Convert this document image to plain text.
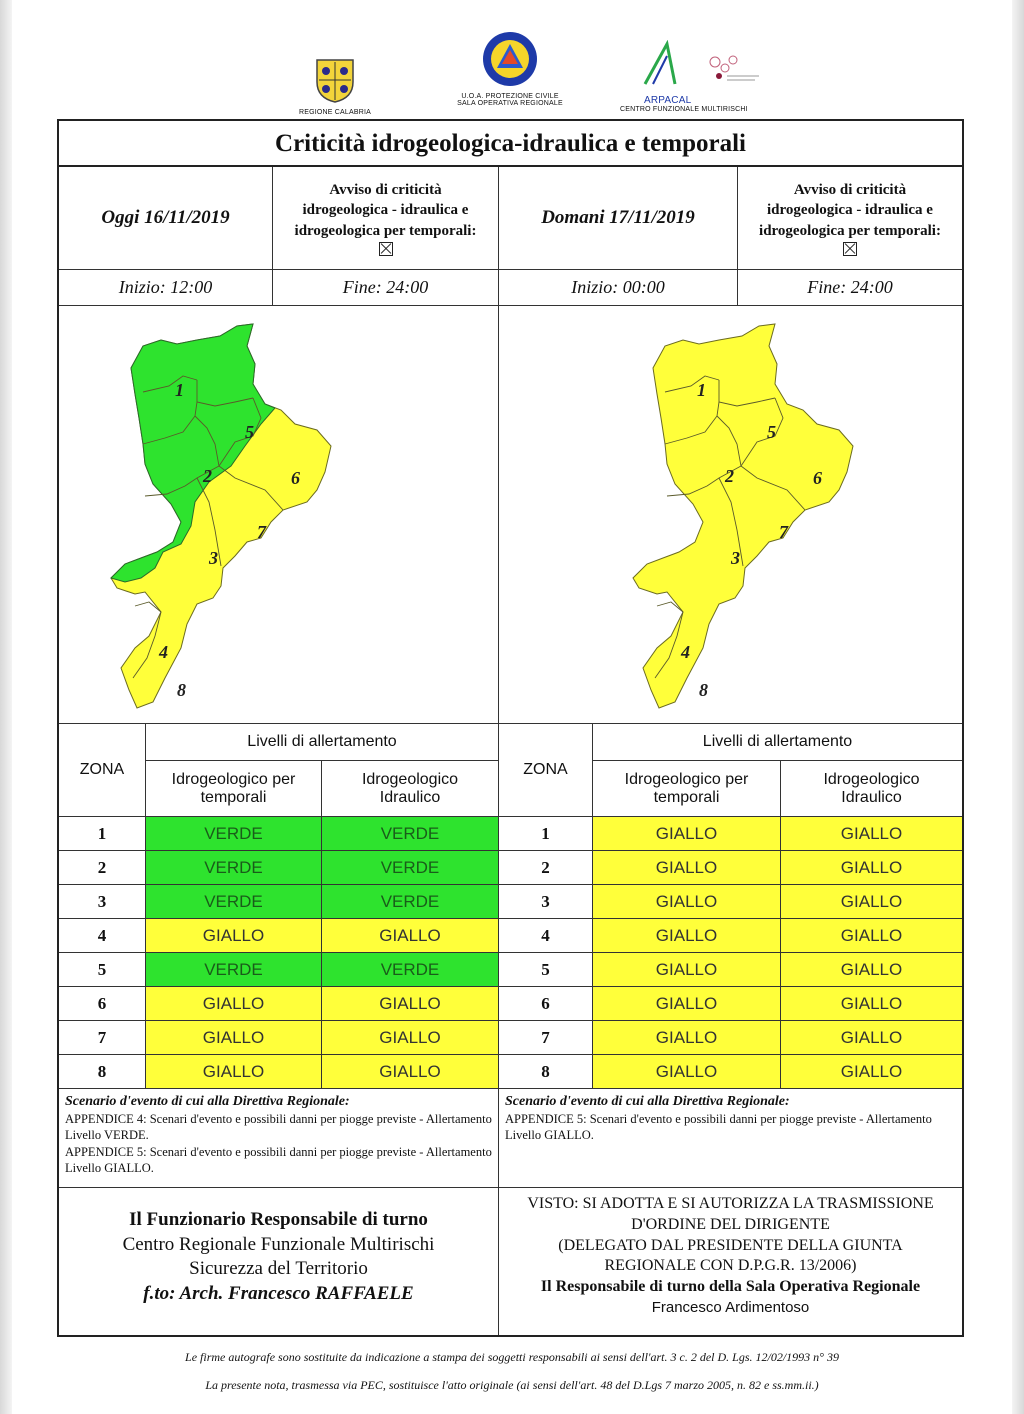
REGIONE CALABRIA
U.O.A. PROTEZIONE CIVILE
SALA OPERATIVA REGIONALE	ARPACAL
CENTRO FUNZIONALE MULTIRISCHI
Criticità idrogeologica-idraulica e temporali
Oggi 16/11/2019
Avviso di criticità
idrogeologica - idraulica e
idrogeologica per temporali:
Domani 17/11/2019
Avviso di criticità
idrogeologica - idraulica e
idrogeologica per temporali:
Inizio: 12:00	Fine: 24:00	Inizio: 00:00	Fine: 24:00
1
5
2	6
7
3
4
8
1
5
2	6
7
3
4
8
ZONA
Livelli di allertamento
Idrogeologico per
temporali
Idrogeologico
Idraulico
ZONA
Livelli di allertamento
Idrogeologico per
temporali
Idrogeologico
Idraulico
1	VERDE	VERDE	1	GIALLO	GIALLO
2	VERDE	VERDE	2	GIALLO	GIALLO
3	VERDE	VERDE	3	GIALLO	GIALLO
4	GIALLO	GIALLO	4	GIALLO	GIALLO
5	VERDE	VERDE	5	GIALLO	GIALLO
6	GIALLO	GIALLO	6	GIALLO	GIALLO
7	GIALLO	GIALLO	7	GIALLO	GIALLO
8	GIALLO	GIALLO	8	GIALLO	GIALLO
Scenario d'evento di cui alla Direttiva Regionale:
APPENDICE 4: Scenari d'evento e possibili danni per piogge previste - Allertamento Livello VERDE.
APPENDICE 5: Scenari d'evento e possibili danni per piogge previste - Allertamento Livello GIALLO.
Scenario d'evento di cui alla Direttiva Regionale:
APPENDICE 5: Scenari d'evento e possibili danni per piogge previste - Allertamento Livello GIALLO.
Il Funzionario Responsabile di turno
Centro Regionale Funzionale Multirischi
Sicurezza del Territorio
f.to: Arch. Francesco RAFFAELE
VISTO: SI ADOTTA E SI AUTORIZZA LA TRASMISSIONE
D'ORDINE DEL DIRIGENTE
(DELEGATO DAL PRESIDENTE DELLA GIUNTA
REGIONALE CON D.P.G.R. 13/2006)
Il Responsabile di turno della Sala Operativa Regionale
Francesco Ardimentoso
Le firme autografe sono sostituite da indicazione a stampa dei soggetti responsabili ai sensi dell'art. 3 c. 2 del D. Lgs. 12/02/1993 n° 39
La presente nota, trasmessa via PEC, sostituisce l'atto originale (ai sensi dell'art. 48 del D.Lgs 7 marzo 2005, n. 82 e ss.mm.ii.)
